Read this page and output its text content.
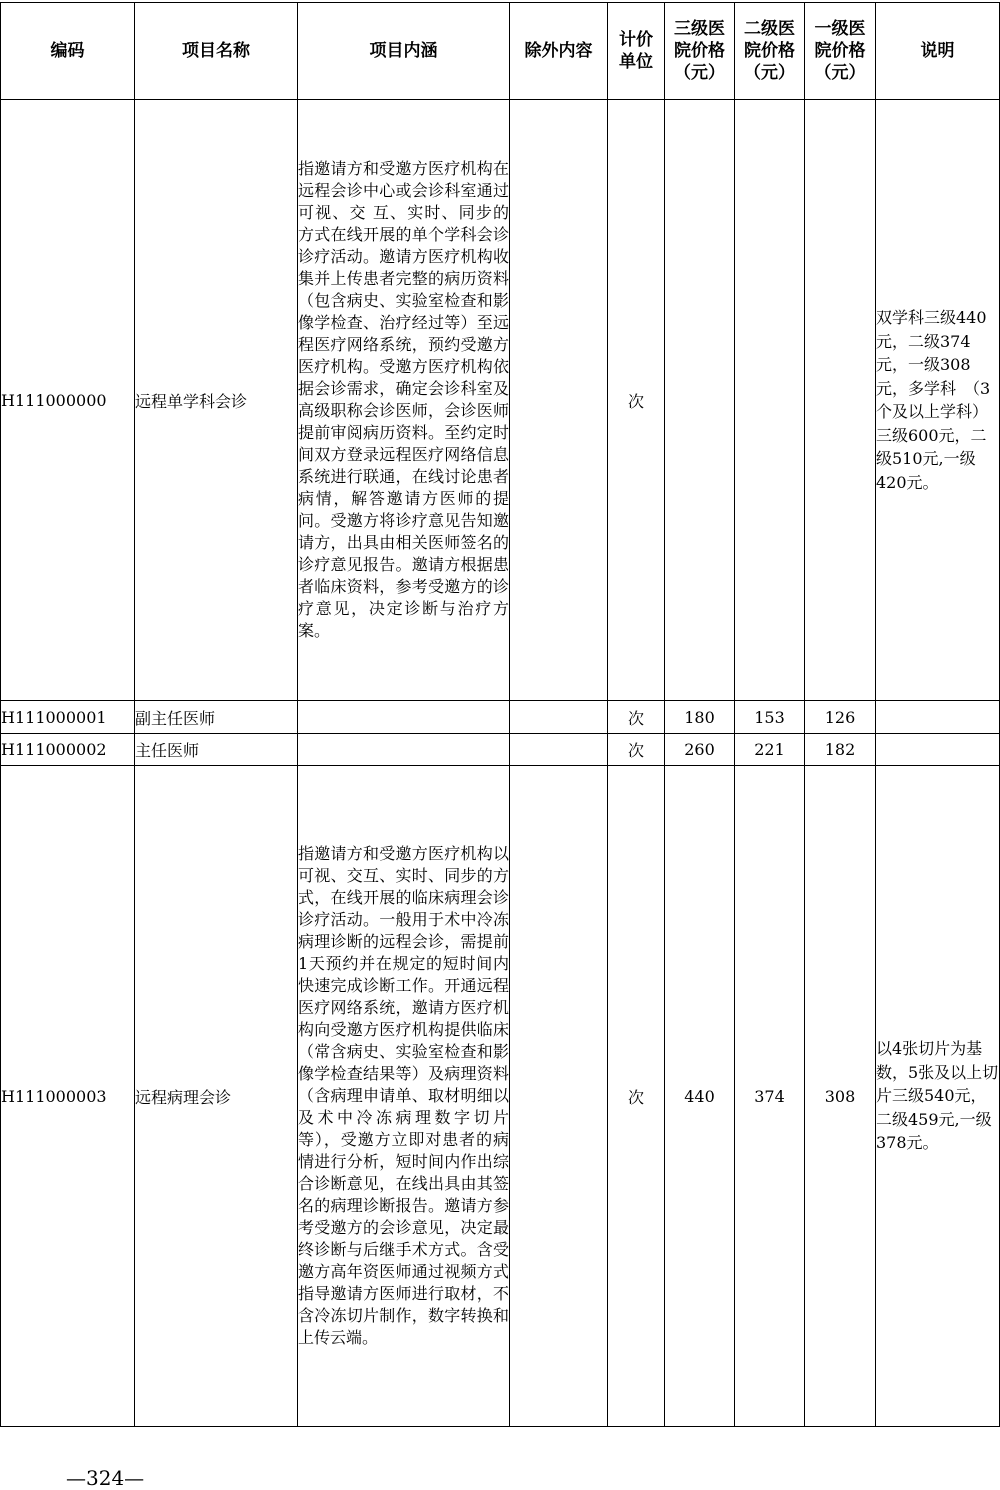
编码	项目名称	项目内涵	除外内容	计价单位	三级医院价格（元）	二级医院价格（元）	一级医院价格（元）	说明
H111000000	远程单学科会诊	指邀请方和受邀方医疗机构在远程会诊中心或会诊科室通过可视、交 互、实时、同步的方式在线开展的单个学科会诊诊疗活动。邀请方医疗机构收集并上传患者完整的病历资料（包含病史、实验室检查和影 像学检查、治疗经过等）至远程医疗网络系统，预约受邀方医疗机构。受邀方医疗机构依据会诊需求，确定会诊科室及高级职称会诊医师，会诊医师提前审阅病历资料。至约定时间双方登录远程医疗网络信息系统进行联通，在线讨论患者病情，解答邀请方医师的提问。受邀方将诊疗意见告知邀请方，出具由相关医师签名的诊疗意见报告。邀请方根据患者临床资料，参考受邀方的诊疗意见，决定诊断与治疗方案。		次				双学科三级440元，二级374元，一级308元，多学科　（3个及以上学科）三级600元，二级510元,一级420元。
H111000001	副主任医师			次	180	153	126	
H111000002	主任医师			次	260	221	182	
H111000003	远程病理会诊	指邀请方和受邀方医疗机构以可视、交互、实时、同步的方式，在线开展的临床病理会诊诊疗活动。一般用于术中冷冻病理诊断的远程会诊，需提前1天预约并在规定的短时间内快速完成诊断工作。开通远程医疗网络系统，邀请方医疗机构向受邀方医疗机构提供临床（常含病史、实验室检查和影像学检查结果等）及病理资料（含病理申请单、取材明细以及术中冷冻病理数字切片等），受邀方立即对患者的病 情进行分析，短时间内作出综合诊断意见，在线出具由其签名的病理诊断报告。邀请方参考受邀方的会诊意见，决定最终诊断与后继手术方式。含受邀方高年资医师通过视频方式指导邀请方医师进行取材，不含冷冻切片制作，数字转换和上传云端。		次	440	374	308	以4张切片为基数，5张及以上切片三级540元，二级459元,一级378元。
—324—
